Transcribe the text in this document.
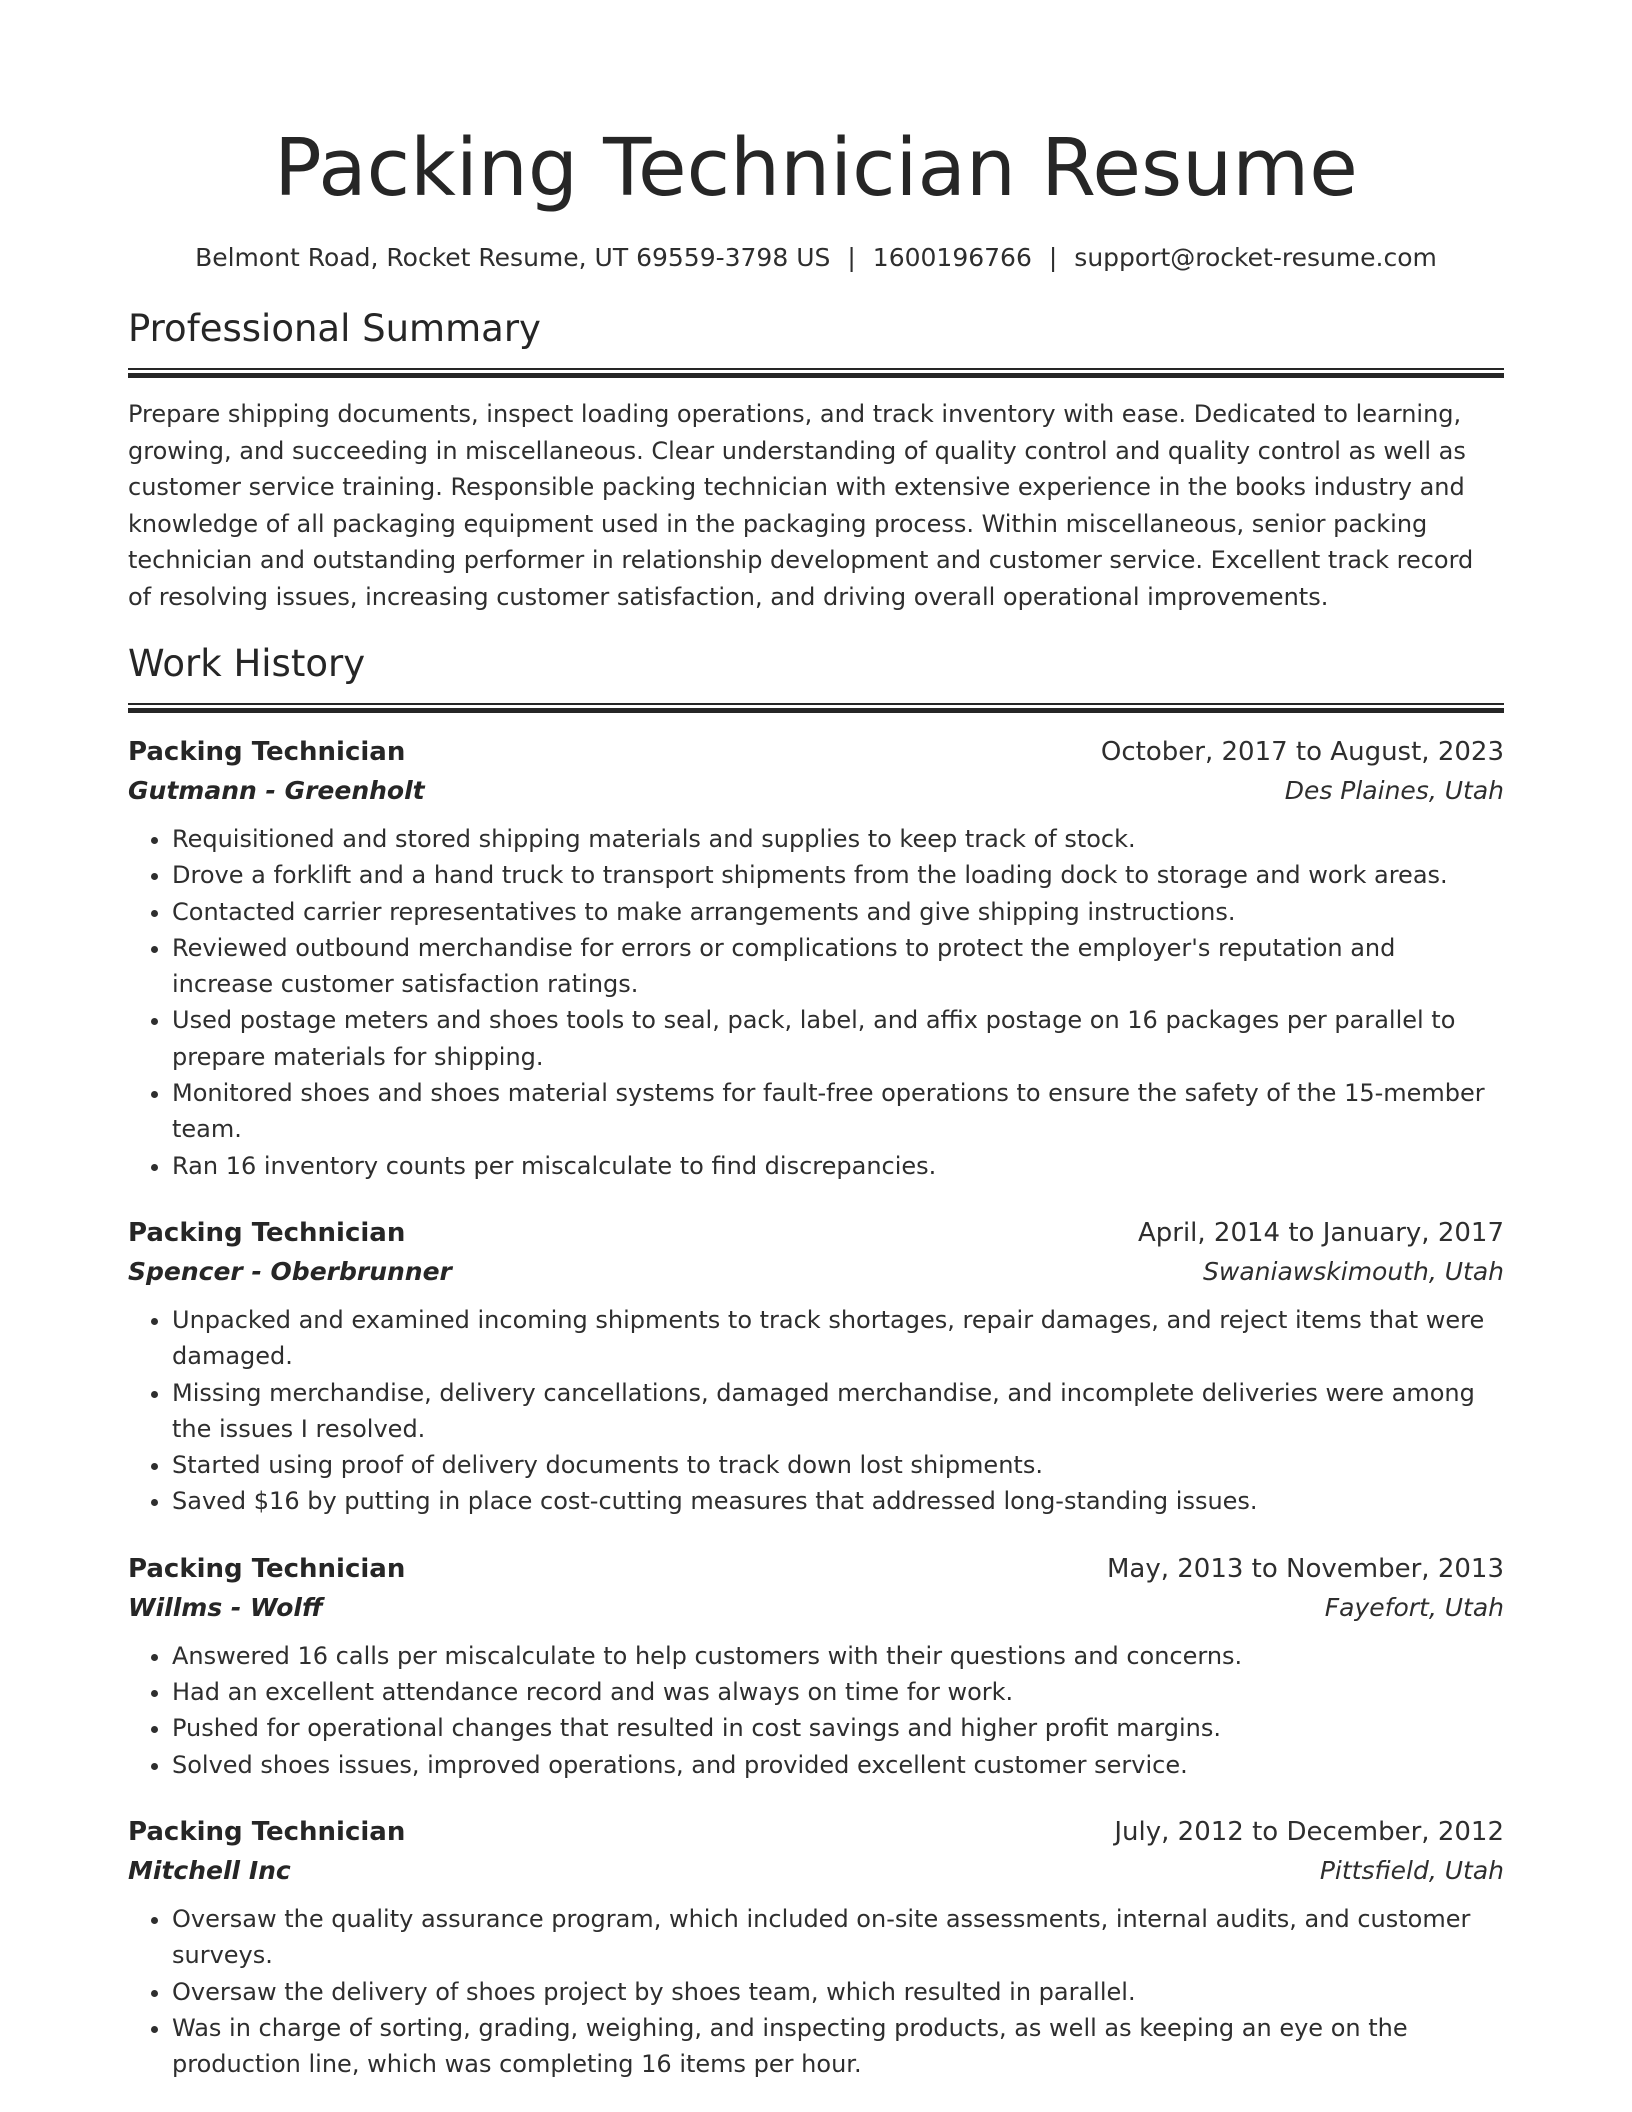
Packing Technician Resume
Belmont Road, Rocket Resume, UT 69559-3798 US | 1600196766 | support@rocket-resume.com
Professional Summary

Prepare shipping documents, inspect loading operations, and track inventory with ease. Dedicated to learning, growing, and succeeding in miscellaneous. Clear understanding of quality control and quality control as well as customer service training. Responsible packing technician with extensive experience in the books industry and knowledge of all packaging equipment used in the packaging process. Within miscellaneous, senior packing technician and outstanding performer in relationship development and customer service. Excellent track record of resolving issues, increasing customer satisfaction, and driving overall operational improvements.

Work History
Packing Technician	October, 2017 to August, 2023
Gutmann - Greenholt	Des Plaines, Utah
• Requisitioned and stored shipping materials and supplies to keep track of stock.
• Drove a forklift and a hand truck to transport shipments from the loading dock to storage and work areas.
• Contacted carrier representatives to make arrangements and give shipping instructions.
• Reviewed outbound merchandise for errors or complications to protect the employer's reputation and increase customer satisfaction ratings.
• Used postage meters and shoes tools to seal, pack, label, and affix postage on 16 packages per parallel to prepare materials for shipping.
• Monitored shoes and shoes material systems for fault-free operations to ensure the safety of the 15-member team.
• Ran 16 inventory counts per miscalculate to find discrepancies.
Packing Technician	April, 2014 to January, 2017
Spencer - Oberbrunner	Swaniawskimouth, Utah
• Unpacked and examined incoming shipments to track shortages, repair damages, and reject items that were damaged.
• Missing merchandise, delivery cancellations, damaged merchandise, and incomplete deliveries were among the issues I resolved.
• Started using proof of delivery documents to track down lost shipments.
• Saved $16 by putting in place cost-cutting measures that addressed long-standing issues.
Packing Technician	May, 2013 to November, 2013
Willms - Wolff	Fayefort, Utah
• Answered 16 calls per miscalculate to help customers with their questions and concerns.
• Had an excellent attendance record and was always on time for work.
• Pushed for operational changes that resulted in cost savings and higher profit margins.
• Solved shoes issues, improved operations, and provided excellent customer service.
Packing Technician	July, 2012 to December, 2012
Mitchell Inc	Pittsfield, Utah
• Oversaw the quality assurance program, which included on-site assessments, internal audits, and customer surveys.
• Oversaw the delivery of shoes project by shoes team, which resulted in parallel.
• Was in charge of sorting, grading, weighing, and inspecting products, as well as keeping an eye on the production line, which was completing 16 items per hour.
